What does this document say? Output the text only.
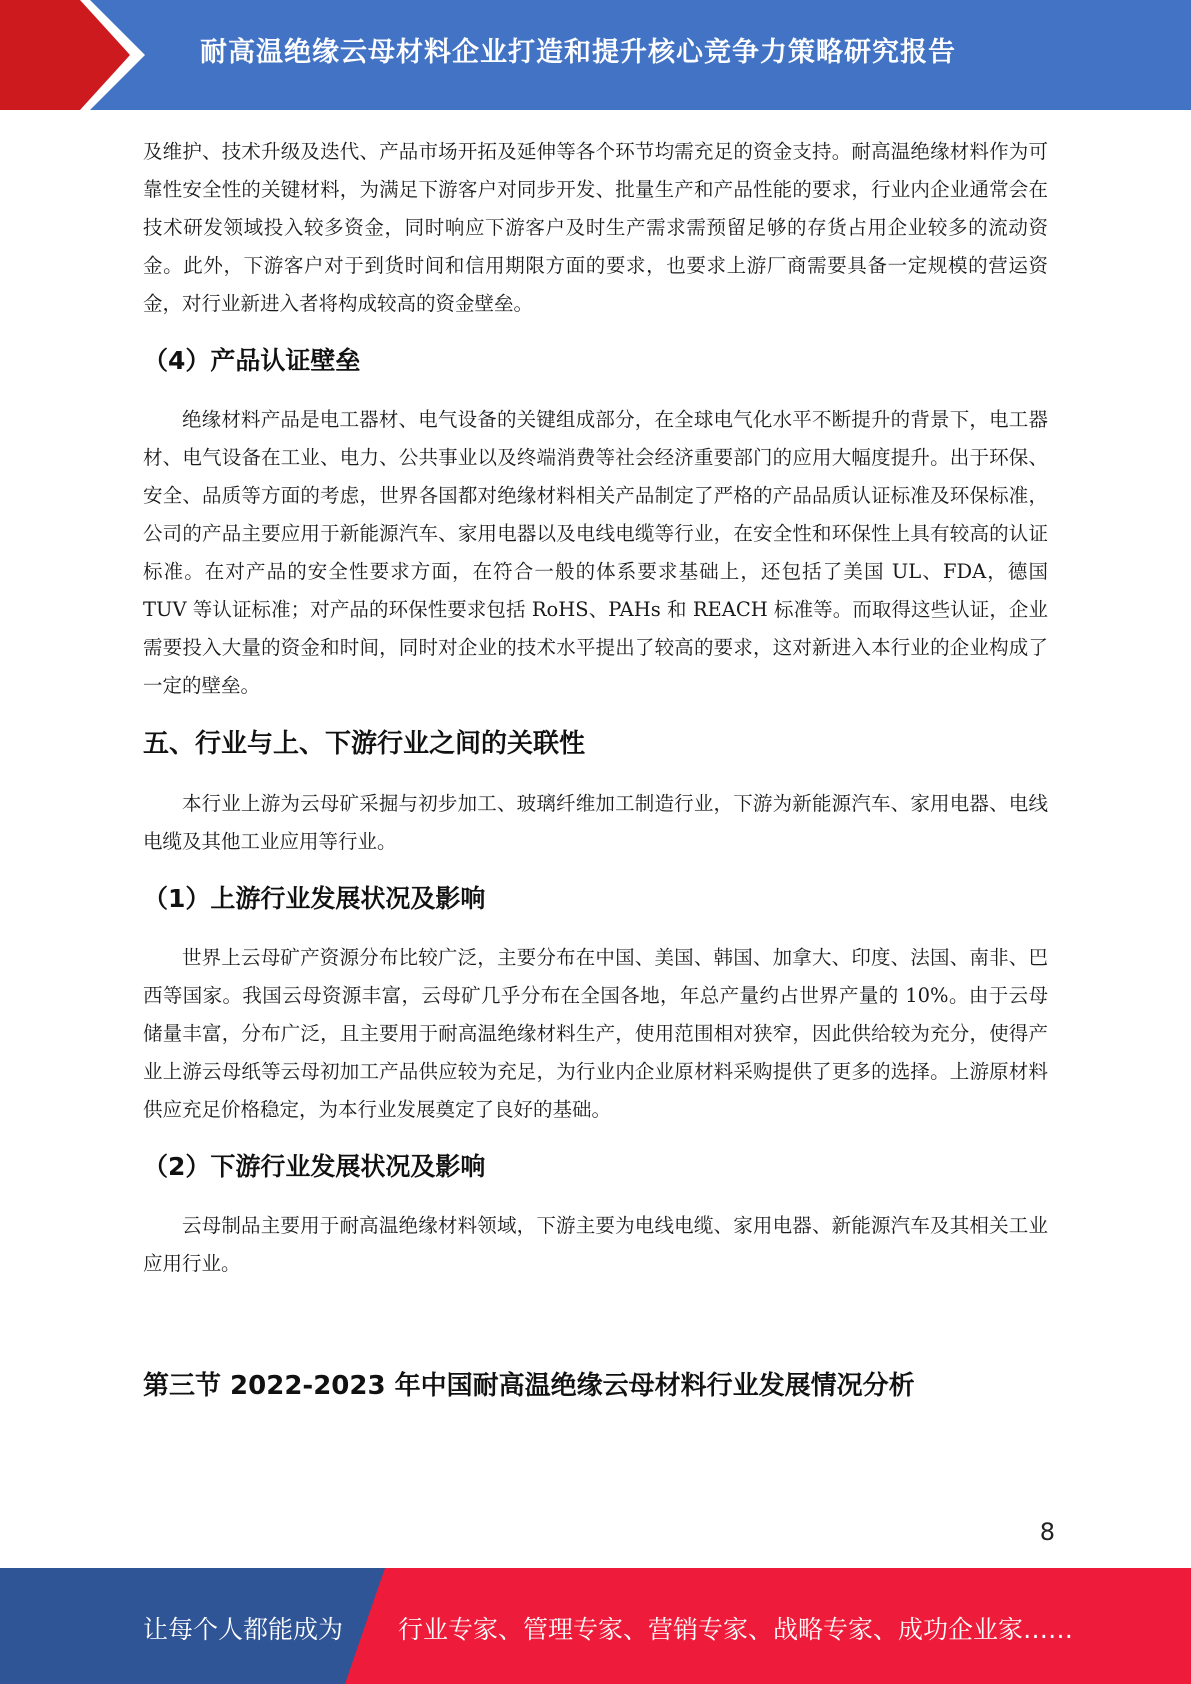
耐高温绝缘云母材料企业打造和提升核心竞争力策略研究报告

及维护、技术升级及迭代、产品市场开拓及延伸等各个环节均需充足的资金支持。耐高温绝缘材料作为可靠性安全性的关键材料，为满足下游客户对同步开发、批量生产和产品性能的要求，行业内企业通常会在技术研发领域投入较多资金，同时响应下游客户及时生产需求需预留足够的存货占用企业较多的流动资金。此外，下游客户对于到货时间和信用期限方面的要求，也要求上游厂商需要具备一定规模的营运资金，对行业新进入者将构成较高的资金壁垒。

（4）产品认证壁垒

绝缘材料产品是电工器材、电气设备的关键组成部分，在全球电气化水平不断提升的背景下，电工器材、电气设备在工业、电力、公共事业以及终端消费等社会经济重要部门的应用大幅度提升。出于环保、安全、品质等方面的考虑，世界各国都对绝缘材料相关产品制定了严格的产品品质认证标准及环保标准，公司的产品主要应用于新能源汽车、家用电器以及电线电缆等行业，在安全性和环保性上具有较高的认证标准。在对产品的安全性要求方面，在符合一般的体系要求基础上，还包括了美国 UL、FDA，德国 TUV 等认证标准；对产品的环保性要求包括 RoHS、PAHs 和 REACH 标准等。而取得这些认证，企业需要投入大量的资金和时间，同时对企业的技术水平提出了较高的要求，这对新进入本行业的企业构成了一定的壁垒。

五、行业与上、下游行业之间的关联性

本行业上游为云母矿采掘与初步加工、玻璃纤维加工制造行业，下游为新能源汽车、家用电器、电线电缆及其他工业应用等行业。

（1）上游行业发展状况及影响

世界上云母矿产资源分布比较广泛，主要分布在中国、美国、韩国、加拿大、印度、法国、南非、巴西等国家。我国云母资源丰富，云母矿几乎分布在全国各地，年总产量约占世界产量的 10%。由于云母储量丰富，分布广泛，且主要用于耐高温绝缘材料生产，使用范围相对狭窄，因此供给较为充分，使得产业上游云母纸等云母初加工产品供应较为充足，为行业内企业原材料采购提供了更多的选择。上游原材料供应充足价格稳定，为本行业发展奠定了良好的基础。

（2）下游行业发展状况及影响

云母制品主要用于耐高温绝缘材料领域，下游主要为电线电缆、家用电器、新能源汽车及其相关工业应用行业。

第三节 2022-2023 年中国耐高温绝缘云母材料行业发展情况分析
8
让每个人都能成为 行业专家、管理专家、营销专家、战略专家、成功企业家……
